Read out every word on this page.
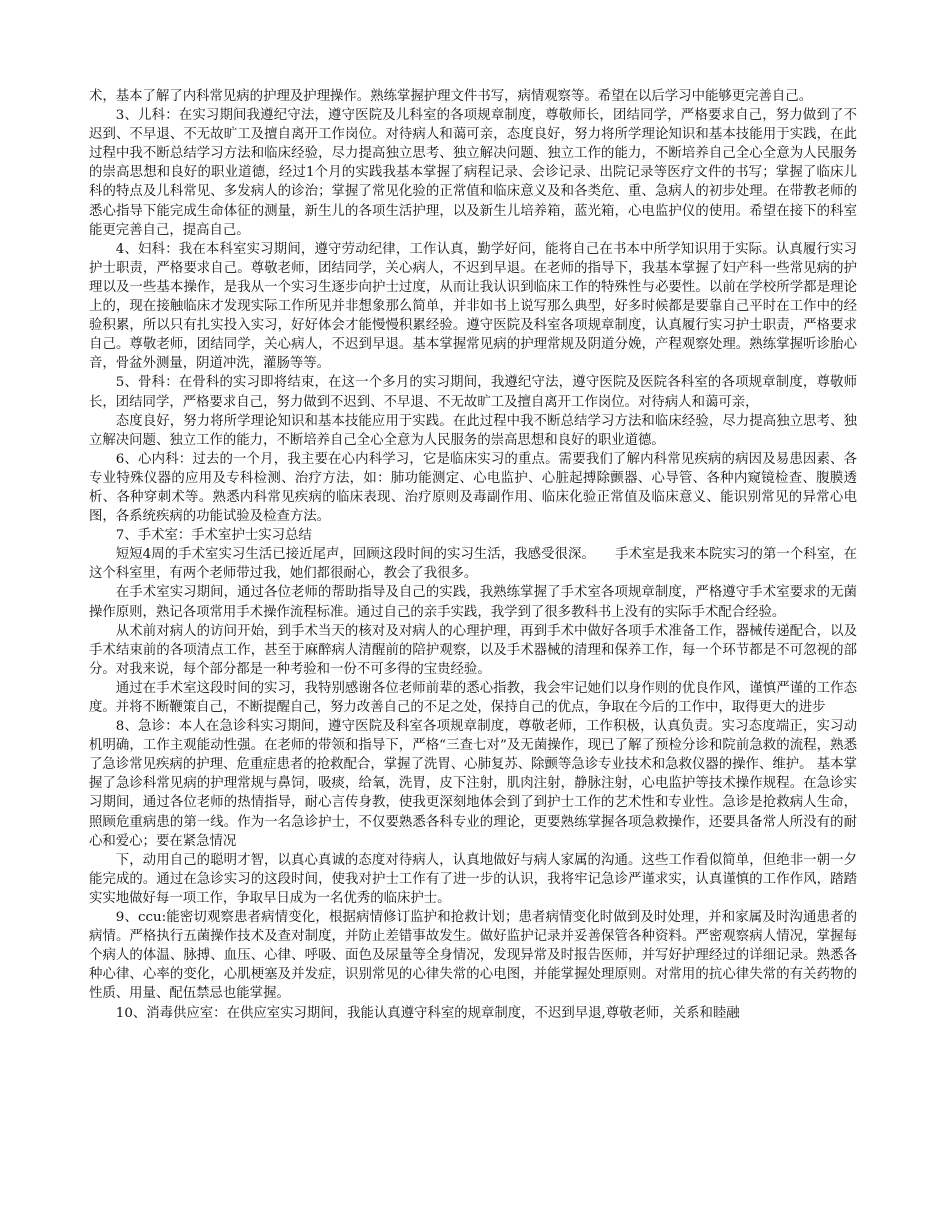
术，基本了解了内科常见病的护理及护理操作。熟练掌握护理文件书写，病情观察等。希望在以后学习中能够更完善自己。

3、儿科：在实习期间我遵纪守法，遵守医院及儿科室的各项规章制度，尊敬师长，团结同学，严格要求自己，努力做到了不迟到、不早退、不无故旷工及擅自离开工作岗位。对待病人和蔼可亲，态度良好，努力将所学理论知识和基本技能用于实践，在此过程中我不断总结学习方法和临床经验，尽力提高独立思考、独立解决问题、独立工作的能力，不断培养自己全心全意为人民服务的崇高思想和良好的职业道德，经过1个月的实践我基本掌握了病程记录、会诊记录、出院记录等医疗文件的书写；掌握了临床儿科的特点及儿科常见、多发病人的诊治；掌握了常见化验的正常值和临床意义及和各类危、重、急病人的初步处理。在带教老师的悉心指导下能完成生命体征的测量，新生儿的各项生活护理，以及新生儿培养箱，蓝光箱，心电监护仪的使用。希望在接下的科室能更完善自己，提高自己。

4、妇科：我在本科室实习期间，遵守劳动纪律，工作认真，勤学好问，能将自己在书本中所学知识用于实际。认真履行实习护士职责，严格要求自己。尊敬老师，团结同学，关心病人，不迟到早退。在老师的指导下，我基本掌握了妇产科一些常见病的护理以及一些基本操作，是我从一个实习生逐步向护士过度，从而让我认识到临床工作的特殊性与必要性。以前在学校所学都是理论上的，现在接触临床才发现实际工作所见并非想象那么简单，并非如书上说写那么典型，好多时候都是要靠自己平时在工作中的经验积累，所以只有扎实投入实习，好好体会才能慢慢积累经验。遵守医院及科室各项规章制度，认真履行实习护士职责，严格要求自己。尊敬老师，团结同学，关心病人，不迟到早退。基本掌握常见病的护理常规及阴道分娩，产程观察处理。熟练掌握听诊胎心音，骨盆外测量，阴道冲洗，灌肠等等。

5、骨科：在骨科的实习即将结束，在这一个多月的实习期间，我遵纪守法，遵守医院及医院各科室的各项规章制度，尊敬师长，团结同学，严格要求自己，努力做到不迟到、不早退、不无故旷工及擅自离开工作岗位。对待病人和蔼可亲，

态度良好，努力将所学理论知识和基本技能应用于实践。在此过程中我不断总结学习方法和临床经验，尽力提高独立思考、独立解决问题、独立工作的能力，不断培养自己全心全意为人民服务的崇高思想和良好的职业道德。

6、心内科：过去的一个月，我主要在心内科学习，它是临床实习的重点。需要我们了解内科常见疾病的病因及易患因素、各专业特殊仪器的应用及专科检测、治疗方法，如：肺功能测定、心电监护、心脏起搏除颤器、心导管、各种内窥镜检查、腹膜透析、各种穿刺术等。熟悉内科常见疾病的临床表现、治疗原则及毒副作用、临床化验正常值及临床意义、能识别常见的异常心电图，各系统疾病的功能试验及检查方法。

7、手术室：手术室护士实习总结

短短4周的手术室实习生活已接近尾声，回顾这段时间的实习生活，我感受很深。　　手术室是我来本院实习的第一个科室，在这个科室里，有两个老师带过我，她们都很耐心，教会了我很多。

在手术室实习期间，通过各位老师的帮助指导及自己的实践，我熟练掌握了手术室各项规章制度，严格遵守手术室要求的无菌操作原则，熟记各项常用手术操作流程标准。通过自己的亲手实践，我学到了很多教科书上没有的实际手术配合经验。

从术前对病人的访问开始，到手术当天的核对及对病人的心理护理，再到手术中做好各项手术准备工作，器械传递配合，以及手术结束前的各项清点工作，甚至于麻醉病人清醒前的陪护观察，以及手术器械的清理和保养工作，每一个环节都是不可忽视的部分。对我来说，每个部分都是一种考验和一份不可多得的宝贵经验。

通过在手术室这段时间的实习，我特别感谢各位老师前辈的悉心指教，我会牢记她们以身作则的优良作风，谨慎严谨的工作态度。并将不断鞭策自己，不断提醒自己，努力改善自己的不足之处，保持自己的优点，争取在今后的工作中，取得更大的进步

8、急诊：本人在急诊科实习期间，遵守医院及科室各项规章制度，尊敬老师，工作积极，认真负责。实习态度端正，实习动机明确，工作主观能动性强。在老师的带领和指导下，严格“三查七对”及无菌操作，现已了解了预检分诊和院前急救的流程，熟悉了急诊常见疾病的护理、危重症患者的抢救配合，掌握了洗胃、心肺复苏、除颤等急诊专业技术和急救仪器的操作、维护。 基本掌握了急诊科常见病的护理常规与鼻饲，吸痰，给氧，洗胃，皮下注射，肌肉注射，静脉注射，心电监护等技术操作规程。在急诊实习期间，通过各位老师的热情指导，耐心言传身教，使我更深刻地体会到了到护士工作的艺术性和专业性。急诊是抢救病人生命，照顾危重病患的第一线。作为一名急诊护士，不仅要熟悉各科专业的理论，更要熟练掌握各项急救操作，还要具备常人所没有的耐心和爱心；要在紧急情况

下，动用自己的聪明才智，以真心真诚的态度对待病人，认真地做好与病人家属的沟通。这些工作看似简单，但绝非一朝一夕能完成的。通过在急诊实习的这段时间，使我对护士工作有了进一步的认识，我将牢记急诊严谨求实，认真谨慎的工作作风，踏踏实实地做好每一项工作，争取早日成为一名优秀的临床护士。

9、ccu:能密切观察患者病情变化，根据病情修订监护和抢救计划；患者病情变化时做到及时处理，并和家属及时沟通患者的病情。严格执行五菌操作技术及查对制度，并防止差错事故发生。做好监护记录并妥善保管各种资料。严密观察病人情况，掌握每个病人的体温、脉搏、血压、心律、呼吸、面色及尿量等全身情况，发现异常及时报告医师，并写好护理经过的详细记录。熟悉各种心律、心率的变化，心肌梗塞及并发症，识别常见的心律失常的心电图，并能掌握处理原则。对常用的抗心律失常的有关药物的性质、用量、配伍禁忌也能掌握。

10、消毒供应室：在供应室实习期间，我能认真遵守科室的规章制度，不迟到早退,尊敬老师，关系和睦融
